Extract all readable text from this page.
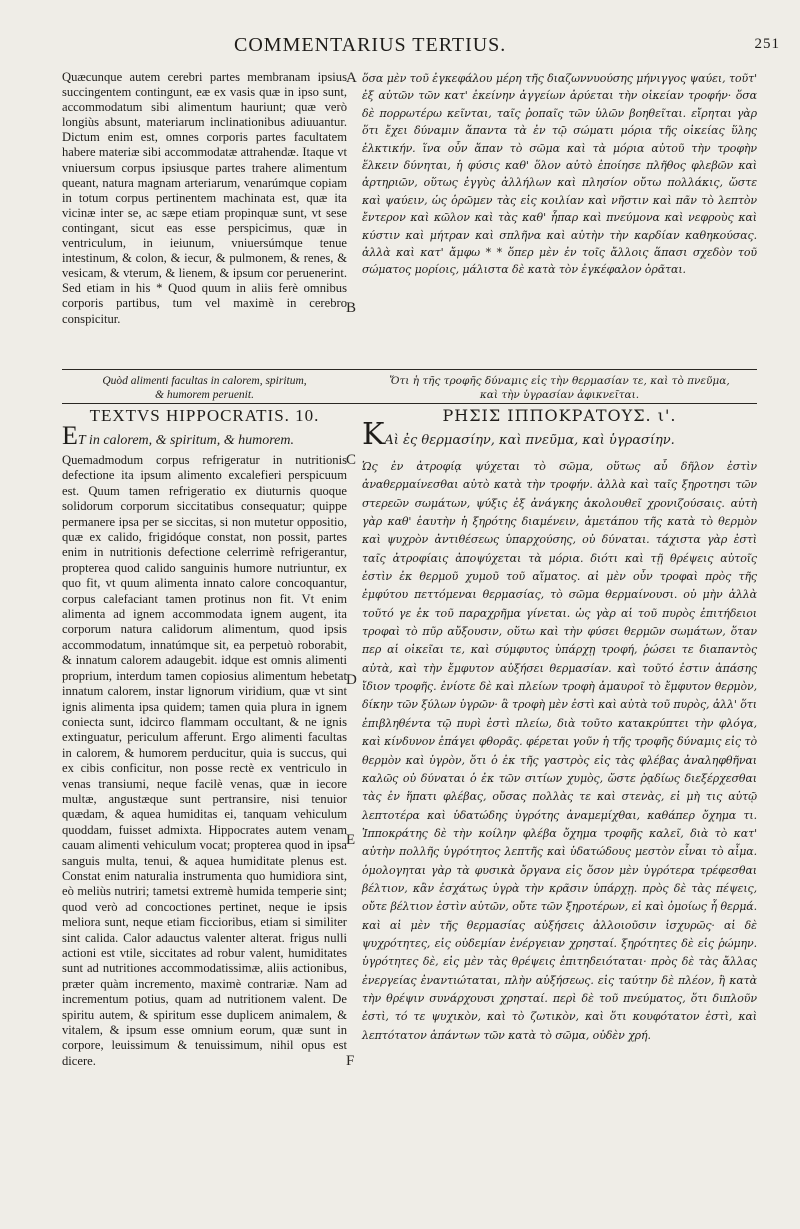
COMMENTARIUS TERTIUS.	251

Quæcunque autem cerebri partes membranam ipsius succingentem contingunt, eæ ex vasis quæ in ipso sunt, accommodatum sibi alimentum hauriunt; quæ verò longiùs absunt, materiarum inclinationibus adiuuantur. Dictum enim est, omnes corporis partes facultatem habere materiæ sibi accommodatæ attrahendæ. Itaque vt vniuersum corpus ipsiusque partes trahere alimentum queant, natura magnam arteriarum, venarúmque copiam in totum corpus pertinentem machinata est, quæ ita vicinæ inter se, ac sæpe etiam propinquæ sunt, vt sese contingant, sicut eas esse perspicimus, quæ in ventriculum, in ieiunum, vniuersúmque tenue intestinum, & colon, & iecur, & pulmonem, & renes, & vesicam, & vterum, & lienem, & ipsum cor peruenerint. Sed etiam in his * Quod quum in aliis ferè omnibus corporis partibus, tum vel maximè in cerebro conspicitur.

ὅσα μὲν τοῦ ἐγκεφάλου μέρη τῆς διαζωννυούσης μήνιγγος ψαύει, τοῦτ' ἐξ αὐτῶν τῶν κατ' ἐκείνην ἀγγείων ἀρύεται τὴν οἰκείαν τροφήν· ὅσα δὲ πορρωτέρω κεῖνται, ταῖς ῥοπαῖς τῶν ὑλῶν βοηθεῖται. εἴρηται γὰρ ὅτι ἔχει δύναμιν ἅπαντα τὰ ἐν τῷ σώματι μόρια τῆς οἰκείας ὕλης ἑλκτικήν. ἵνα οὖν ἅπαν τὸ σῶμα καὶ τὰ μόρια αὐτοῦ τὴν τροφὴν ἕλκειν δύνηται, ἡ φύσις καθ' ὅλον αὐτὸ ἐποίησε πλῆθος φλεβῶν καὶ ἀρτηριῶν, οὕτως ἐγγὺς ἀλλήλων καὶ πλησίον οὔτω πολλάκις, ὥστε καὶ ψαύειν, ὡς ὁρῶμεν τὰς εἰς κοιλίαν καὶ νῆστιν καὶ πᾶν τὸ λεπτὸν ἔντερον καὶ κῶλον καὶ τὰς καθ' ἧπαρ καὶ πνεύμονα καὶ νεφροὺς καὶ κύστιν καὶ μήτραν καὶ σπλῆνα καὶ αὐτὴν τὴν καρδίαν καθηκούσας. ἀλλὰ καὶ κατ' ἄμφω * * ὅπερ μὲν ἐν τοῖς ἄλλοις ἅπασι σχεδὸν τοῦ σώματος μορίοις, μάλιστα δὲ κατὰ τὸν ἐγκέφαλον ὁρᾶται.

Quòd alimenti facultas in calorem, spiritum,

& humorem peruenit.

Ὅτι ἡ τῆς τροφῆς δύναμις εἰς τὴν θερμασίαν τε, καὶ τὸ πνεῦμα,

καὶ τὴν ὑγρασίαν ἀφικνεῖται.

TEXTVS HIPPOCRATIS. 10.

ET in calorem, & spiritum, & humorem.

ΡΗΣΙΣ ΙΠΠΟΚΡΑΤΟΥΣ. ι'.

KΑὶ ἐς θερμασίην, καὶ πνεῦμα, καὶ ὑγρασίην.

Quemadmodum corpus refrigeratur in nutritionis defectione ita ipsum alimento excalefieri perspicuum est. Quum tamen refrigeratio ex diuturnis quoque solidorum corporum siccitatibus consequatur; quippe permanere ipsa per se siccitas, si non mutetur oppositio, quæ ex calido, frigidóque constat, non possit, partes enim in nutritionis defectione celerrimè refrigerantur, propterea quod calido sanguinis humore nutriuntur, ex quo fit, vt quum alimenta innato calore concoquantur, corpus calefaciant tamen protinus non fit. Vt enim alimenta ad ignem accommodata ignem augent, ita corporum natura calidorum alimentum, quod ipsis accommodatum, innatúmque sit, ea perpetuò roborabit, & innatum calorem adaugebit. idque est omnis alimenti proprium, interdum tamen copiosius alimentum hebetat innatum calorem, instar lignorum viridium, quæ vt sint ignis alimenta ipsa quidem; tamen quia plura in ignem coniecta sunt, idcirco flammam occultant, & ne ignis extinguatur, periculum afferunt. Ergo alimenti facultas in calorem, & humorem perducitur, quia is succus, qui ex cibis conficitur, non posse rectè ex ventriculo in venas transiumi, neque facilè venas, quæ in iecore multæ, angustæque sunt pertransire, nisi tenuior quædam, & aquea humiditas ei, tanquam vehiculum quoddam, fuisset admixta. Hippocrates autem venam cauam alimenti vehiculum vocat; propterea quod in ipsa sanguis multa, tenui, & aquea humiditate plenus est. Constat enim naturalia instrumenta quo humidiora sint, eò meliùs nutriri; tametsi extremè humida temperie sint; quod verò ad concoctiones pertinet, neque ie ipsis meliora sunt, neque etiam ficcioribus, etiam si similiter sint calida. Calor adauctus valenter alterat. frigus nulli actioni est vtile, siccitates ad robur valent, humiditates sunt ad nutritiones accommodatissimæ, aliis actionibus, præter quàm incremento, maximè contrariæ. Nam ad incrementum potius, quam ad nutritionem valent. De spiritu autem, & spiritum esse duplicem animalem, & vitalem, & ipsum esse omnium eorum, quæ sunt in corpore, leuissimum & tenuissimum, nihil opus est dicere.

Ὡς ἐν ἀτροφίᾳ ψύχεται τὸ σῶμα, οὕτως αὖ δῆλον ἐστὶν ἀναθερμαίνεσθαι αὐτὸ κατὰ τὴν τροφήν. ἀλλὰ καὶ ταῖς ξηροτησι τῶν στερεῶν σωμάτων, ψύξις ἐξ ἀνάγκης ἀκολουθεῖ χρονιζούσαις. αὐτὴ γὰρ καθ' ἑαυτὴν ἡ ξηρότης διαμένειν, ἀμετάπου τῆς κατὰ τὸ θερμὸν καὶ ψυχρὸν ἀντιθέσεως ὑπαρχούσης, οὐ δύναται. τάχιστα γὰρ ἐστὶ ταῖς ἀτροφίαις ἀποψύχεται τὰ μόρια. διότι καὶ τῇ θρέψεις αὐτοῖς ἐστὶν ἐκ θερμοῦ χυμοῦ τοῦ αἵματος. αἱ μὲν οὖν τροφαὶ πρὸς τῆς ἐμφύτου πεττόμεναι θερμασίας, τὸ σῶμα θερμαίνουσι. οὐ μὴν ἀλλὰ τοῦτό γε ἐκ τοῦ παραχρῆμα γίνεται. ὡς γὰρ αἱ τοῦ πυρὸς ἐπιτήδειοι τροφαὶ τὸ πῦρ αὔξουσιν, οὕτω καὶ τὴν φύσει θερμῶν σωμάτων, ὅταν περ αἱ οἰκεῖαι τε, καὶ σύμφυτος ὑπάρχῃ τροφή, ῥώσει τε διαπαντὸς αὐτὰ, καὶ τὴν ἔμφυτον αὐξήσει θερμασίαν. καὶ τοῦτό ἐστιν ἁπάσης ἴδιον τροφῆς. ἐνίοτε δὲ καὶ πλείων τροφὴ ἀμαυροῖ τὸ ἔμφυτον θερμὸν, δίκην τῶν ξύλων ὑγρῶν· ἃ τροφὴ μὲν ἐστὶ καὶ αὐτὰ τοῦ πυρὸς, ἀλλ' ὅτι ἐπιβληθέντα τῷ πυρὶ ἐστὶ πλείω, διὰ τοῦτο κατακρύπτει τὴν φλόγα, καὶ κίνδυνον ἐπάγει φθορᾶς. φέρεται γοῦν ἡ τῆς τροφῆς δύναμις εἰς τὸ θερμὸν καὶ ὑγρὸν, ὅτι ὁ ἐκ τῆς γαστρὸς εἰς τὰς φλέβας ἀναληφθῆναι καλῶς οὐ δύναται ὁ ἐκ τῶν σιτίων χυμὸς, ὥστε ῥᾳδίως διεξέρχεσθαι τὰς ἐν ἥπατι φλέβας, οὔσας πολλὰς τε καὶ στενὰς, εἰ μὴ τις αὐτῷ λεπτοτέρα καὶ ὑδατώδης ὑγρότης ἀναμεμίχθαι, καθάπερ ὄχημα τι. Ἱπποκράτης δὲ τὴν κοίλην φλέβα ὄχημα τροφῆς καλεῖ, διὰ τὸ κατ' αὐτὴν πολλῆς ὑγρότητος λεπτῆς καὶ ὑδατώδους μεστὸν εἶναι τὸ αἷμα. ὁμολογηται γὰρ τὰ φυσικὰ ὄργανα εἰς ὅσον μὲν ὑγρότερα τρέφεσθαι βέλτιον, κἂν ἐσχάτως ὑγρὰ τὴν κρᾶσιν ὑπάρχῃ. πρὸς δὲ τὰς πέψεις, οὔτε βέλτιον ἐστὶν αὐτῶν, οὔτε τῶν ξηροτέρων, εἰ καὶ ὁμοίως ἦ θερμά. καὶ αἱ μὲν τῆς θερμασίας αὐξήσεις ἀλλοιοῦσιν ἰσχυρῶς· αἱ δὲ ψυχρότητες, εἰς οὐδεμίαν ἐνέργειαν χρησταί. ξηρότητες δὲ εἰς ῥώμην. ὑγρότητες δὲ, εἰς μὲν τὰς θρέψεις ἐπιτηδειόταται· πρὸς δὲ τὰς ἄλλας ἐνεργείας ἐναντιώταται, πλὴν αὐξήσεως. εἰς ταύτην δὲ πλέον, ἢ κατὰ τὴν θρέψιν συνάρχουσι χρησταί. περὶ δὲ τοῦ πνεύματος, ὅτι διπλοῦν ἐστὶ, τό τε ψυχικὸν, καὶ τὸ ζωτικὸν, καὶ ὅτι κουφότατον ἐστὶ, καὶ λεπτότατον ἁπάντων τῶν κατὰ τὸ σῶμα, οὐδὲν χρή.

A
B
C
D
E
F
